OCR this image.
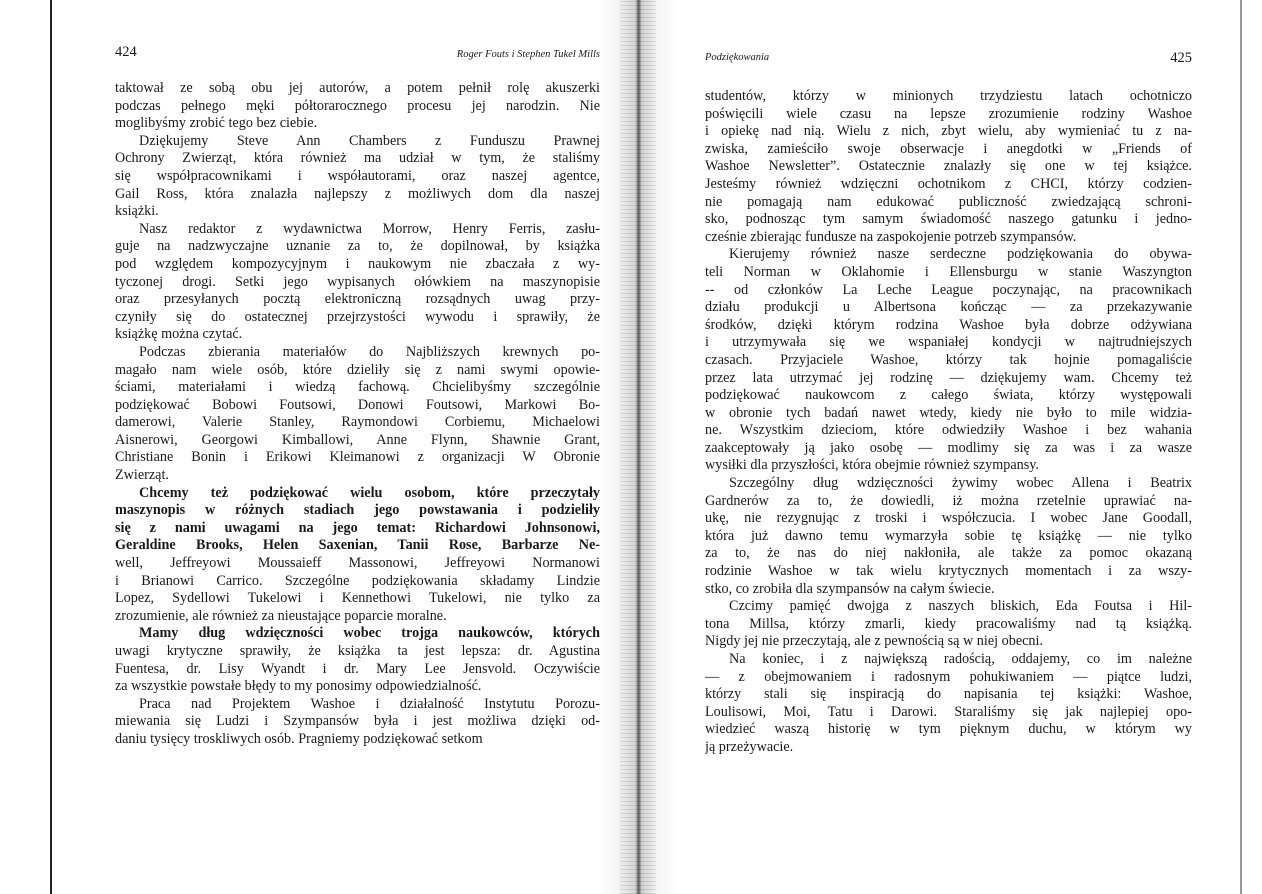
424	Roger Fouts i Stephen Tukel Mills
taktował ze sobą obu jej autorów, a potem pełnił rolę akuszerki
podczas pełnego męki półtorarocznego procesu jej narodzin. Nie
moglibyśmy zrobić tego bez ciebie.
Dziękujemy Steve Ann Chambers z Funduszu Prawnej
Ochrony Zwierząt, która również ma udział w tym, że staliśmy
się współpracownikami i współautorami, oraz naszej agentce,
Gail Ross, która znalazła najlepszy z możliwych dom dla naszej
książki.
Nasz redaktor z wydawnictwa Morrow, Henry Ferris, zasłu-
guje na nadzwyczajne uznanie za to, że dopilnował, by książka
pod względem kompozycyjnym i naukowym nie zbaczała z wy-
tyczonej drogi. Setki jego wypisanych ołówkiem na maszynopisie
oraz przesyłanych pocztą elektroniczną rozsądnych uwag przy-
czyniły się do ostatecznej przejrzystości wywodu i sprawiły, że
książkę można czytać.
Podczas zbierania materiałów do Najbliższych krewnych po-
magało nam wiele osób, które dzieliły się z nami swymi opowie-
ściami, materiałami i wiedzą fachową. Chcielibyśmy szczególnie
podziękować Bobowi Foutsowi, Donowi Foutsowi, Markowi Bo-
damerowi, Valerie Stanley, Raymondowi Corbiemu, Michaelowi
Aisnerowi, Georgowi Kimballowi, Anne Flynn, Shawnie Grant,
Christiane Bonin i Erikowi Kleimanowi z organizacji W Obronie
Zwierząt.
Chcemy też podziękować wielu osobom, które przeczytały
maszynopis w różnych stadiach jego powstawania i podzieliły
się z nami uwagami na jego temat: Richardowi Johnsonowi,
Geraldine Brooks, Helen Saxenian, Tanii Rose, Barbarze Ne-
well, Jeffreyowi Moussaieff Massonowi, Jeffreyowi Normanowi
i Brianowi Carrico. Szczególne podziękowania składamy Lindzie
Lopez, Sydellowi Tukelowi i Kennethowi Tukelowi, nie tylko za
zrozumienie, ale również za nieustające poparcie moralne.
Mamy dług wdzięczności wobec trojga naukowców, których
uwagi krytyczne sprawiły, że książka ta jest lepsza: dr. Agustina
Fuentesa, dr. Lisy Wyandt i dr. Mary Lee Jensvold. Oczywiście
za wszystkie powstałe błędy to my ponosimy odpowiedzialność.
Praca nad Projektem Washoe i działalność Instytutu Porozu-
miewania się Ludzi i Szympansów była i jest możliwa dzięki od-
daniu tysięcy troskliwych osób. Pragniemy podziękować setkom
Podziękowania	425
studentów, którzy w minionych trzydziestu latach ochotniczo
poświęcili wiele czasu na lepsze zrozumienie rodziny Washoe
i opiekę nad nią. Wielu z nich, zbyt wielu, aby wymieniać tu z na-
zwiska, zamieściło swoje obserwacje i anegdotki w „Friends of
Washoe Newsletter”. Ostatecznie znalazły się one w tej książce.
Jesteśmy również wdzięczni ochotnikom z CHCI, którzy codzien-
nie pomagają nam edukować publiczność zwiedzającą schroni-
sko, podnosząc tym samym świadomość naszego gatunku i jedno-
cześnie zbierając fundusze na zaspokojenie potrzeb szympansów.
Kierujemy również nasze serdeczne podziękowania do obywa-
teli Norman w Oklahomie i Ellensburgu w stanie Waszyngton
-- od członków La Leche League poczynając, na pracownikach
działu produkcji u Albertsona kończąc — za przekazywanie
środków, dzięki którym rodzina Washoe była dobrze odżywiana
i utrzymywała się we wspaniałej kondycji w najtrudniejszych
czasach. Przyjaciele Washoe, którzy tak hojnie pomagaliście
przez lata utrzymać jej rodzinę — dziękujemy wam. Chcemy też
podziękować naukowcom z całego świata, którzy występowali
w obronie tych badań nawet wtedy, kiedy nie było to mile widzia-
ne. Wszystkim dzieciom, które odwiedziły Washoe i bez wahania
zaakceptowały ją jako osobę — modlimy się za was i za wasze
wysiłki dla przyszłości, która obejmie również szympansy.
Szczególny dług wdzięczności żywimy wobec Allena i Beatrix
Gardnerów za to, że dowiedli, iż można rzetelnie uprawiać na-
ukę, nie rezygnując z troski i współczucia. I wobec Jane Goodall,
która już dawno temu wymarzyła sobie tę książkę — nie tylko
za to, że nas do niej nakłoniła, ale także za pomoc okazaną
rodzinie Washoe w tak wielu krytycznych momentach i za wszy-
stko, co zrobiła dla szympansów na całym świecie.
Czcimy pamięć dwojga z naszych bliskich, Eda Foutsa i Hil-
tona Millsa, którzy zmarli, kiedy pracowaliśmy nad tą książką.
Nigdy jej nie przeczytają, ale z pewnością są w niej obecni.
Na koniec, i z największą radością, oddajemy, co im należne
— z obejmowaniem i radosnym pohukiwaniem — piątce ludzi,
którzy stali się inspiracją do napisania tej książki: Washoe,
Loulisowi, Moi, Tatu i Darowi. Staraliśmy się jak najlepiej opo-
wiedzieć waszą historię w tym pięknym duchu, w którym wy
ją przeżywacie.
